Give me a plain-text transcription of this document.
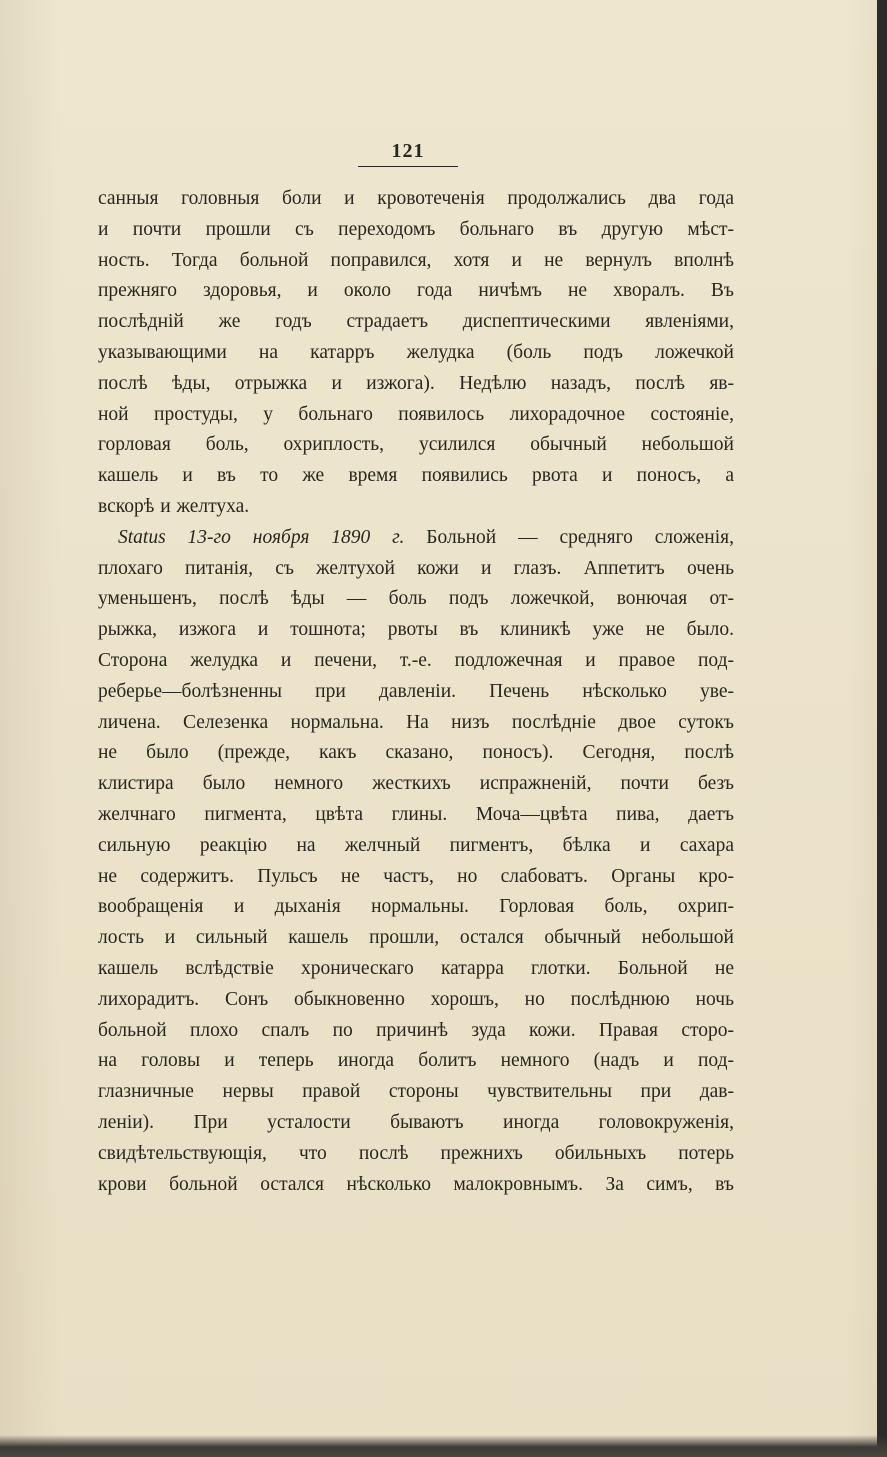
121
санныя головныя боли и кровотеченія продолжались два года
и почти прошли съ переходомъ больнаго въ другую мѣст-
ность. Тогда больной поправился, хотя и не вернулъ вполнѣ
прежняго здоровья, и около года ничѣмъ не хворалъ. Въ
послѣдній же годъ страдаетъ диспептическими явленіями,
указывающими на катарръ желудка (боль подъ ложечкой
послѣ ѣды, отрыжка и изжога). Недѣлю назадъ, послѣ яв-
ной простуды, у больнаго появилось лихорадочное состояніе,
горловая боль, охриплость, усилился обычный небольшой
кашель и въ то же время появились рвота и поносъ, а
вскорѣ и желтуха.
Status 13-го ноября 1890 г. Больной — средняго сложенія,
плохаго питанія, съ желтухой кожи и глазъ. Аппетитъ очень
уменьшенъ, послѣ ѣды — боль подъ ложечкой, вонючая от-
рыжка, изжога и тошнота; рвоты въ клиникѣ уже не было.
Сторона желудка и печени, т.-е. подложечная и правое под-
реберье—болѣзненны при давленіи. Печень нѣсколько уве-
личена. Селезенка нормальна. На низъ послѣдніе двое сутокъ
не было (прежде, какъ сказано, поносъ). Сегодня, послѣ
клистира было немного жесткихъ испражненій, почти безъ
желчнаго пигмента, цвѣта глины. Моча—цвѣта пива, даетъ
сильную реакцію на желчный пигментъ, бѣлка и сахара
не содержитъ. Пульсъ не частъ, но слабоватъ. Органы кро-
вообращенія и дыханія нормальны. Горловая боль, охрип-
лость и сильный кашель прошли, остался обычный небольшой
кашель вслѣдствіе хроническаго катарра глотки. Больной не
лихорадитъ. Сонъ обыкновенно хорошъ, но послѣднюю ночь
больной плохо спалъ по причинѣ зуда кожи. Правая сторо-
на головы и теперь иногда болитъ немного (надъ и под-
глазничные нервы правой стороны чувствительны при дав-
леніи). При усталости бываютъ иногда головокруженія,
свидѣтельствующія, что послѣ прежнихъ обильныхъ потерь
крови больной остался нѣсколько малокровнымъ. За симъ, въ
